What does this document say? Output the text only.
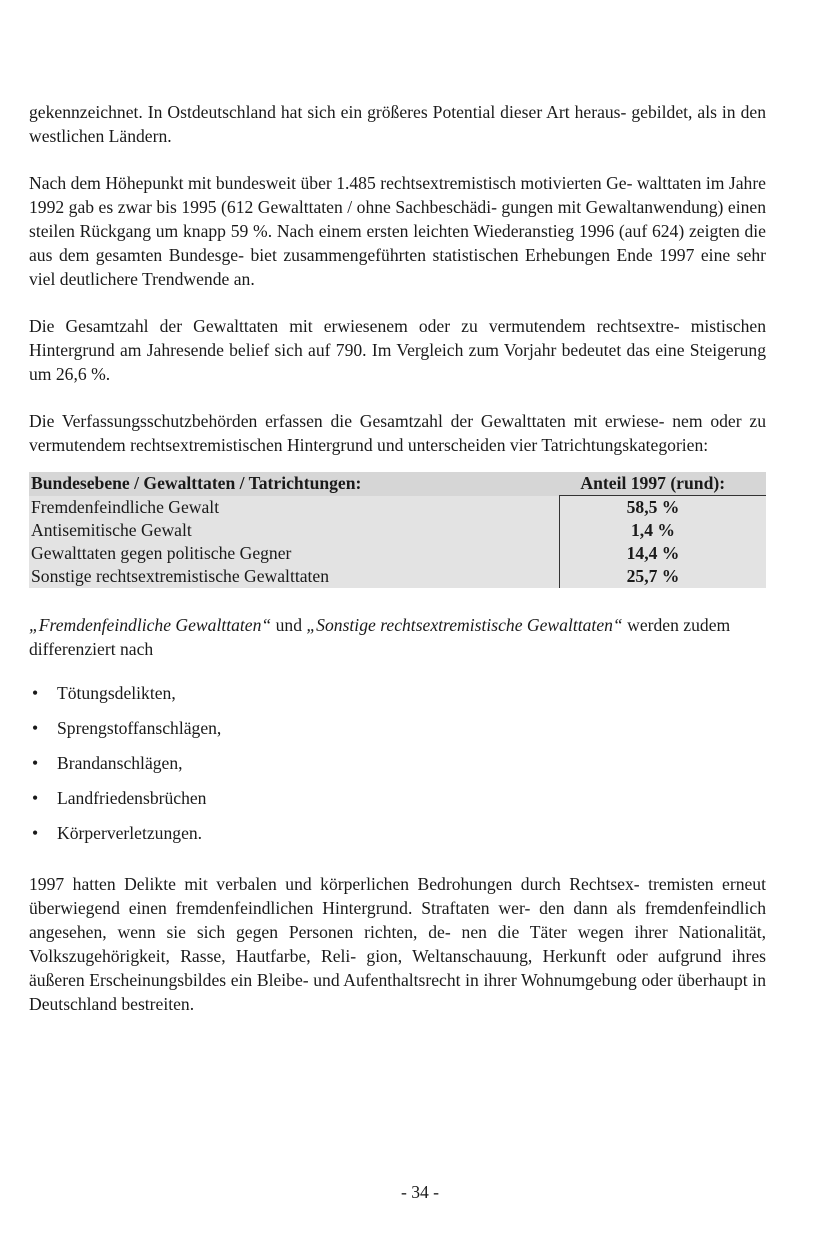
gekennzeichnet. In Ostdeutschland hat sich ein größeres Potential dieser Art heraus- gebildet, als in den westlichen Ländern.

Nach dem Höhepunkt mit bundesweit über 1.485 rechtsextremistisch motivierten Ge- walttaten im Jahre 1992 gab es zwar bis 1995 (612 Gewalttaten / ohne Sachbeschädi- gungen mit Gewaltanwendung) einen steilen Rückgang um knapp 59 %. Nach einem ersten leichten Wiederanstieg 1996 (auf 624) zeigten die aus dem gesamten Bundesge- biet zusammengeführten statistischen Erhebungen Ende 1997 eine sehr viel deutlichere Trendwende an.

Die Gesamtzahl der Gewalttaten mit erwiesenem oder zu vermutendem rechtsextre- mistischen Hintergrund am Jahresende belief sich auf 790. Im Vergleich zum Vorjahr bedeutet das eine Steigerung um 26,6 %.

Die Verfassungsschutzbehörden erfassen die Gesamtzahl der Gewalttaten mit erwiese- nem oder zu vermutendem rechtsextremistischen Hintergrund und unterscheiden vier Tatrichtungskategorien:

Bundesebene / Gewalttaten / Tatrichtungen:	Anteil 1997 (rund):
Fremdenfeindliche Gewalt	58,5 %
Antisemitische Gewalt	1,4 %
Gewalttaten gegen politische Gegner	14,4 %
Sonstige rechtsextremistische Gewalttaten	25,7 %

„Fremdenfeindliche Gewalttaten“ und „Sonstige rechtsextremistische Gewalttaten“ werden zudem differenziert nach

• Tötungsdelikten,
• Sprengstoffanschlägen,
• Brandanschlägen,
• Landfriedensbrüchen
• Körperverletzungen.

1997 hatten Delikte mit verbalen und körperlichen Bedrohungen durch Rechtsex- tremisten erneut überwiegend einen fremdenfeindlichen Hintergrund. Straftaten wer- den dann als fremdenfeindlich angesehen, wenn sie sich gegen Personen richten, de- nen die Täter wegen ihrer Nationalität, Volkszugehörigkeit, Rasse, Hautfarbe, Reli- gion, Weltanschauung, Herkunft oder aufgrund ihres äußeren Erscheinungsbildes ein Bleibe- und Aufenthaltsrecht in ihrer Wohnumgebung oder überhaupt in Deutschland bestreiten.

- 34 -
